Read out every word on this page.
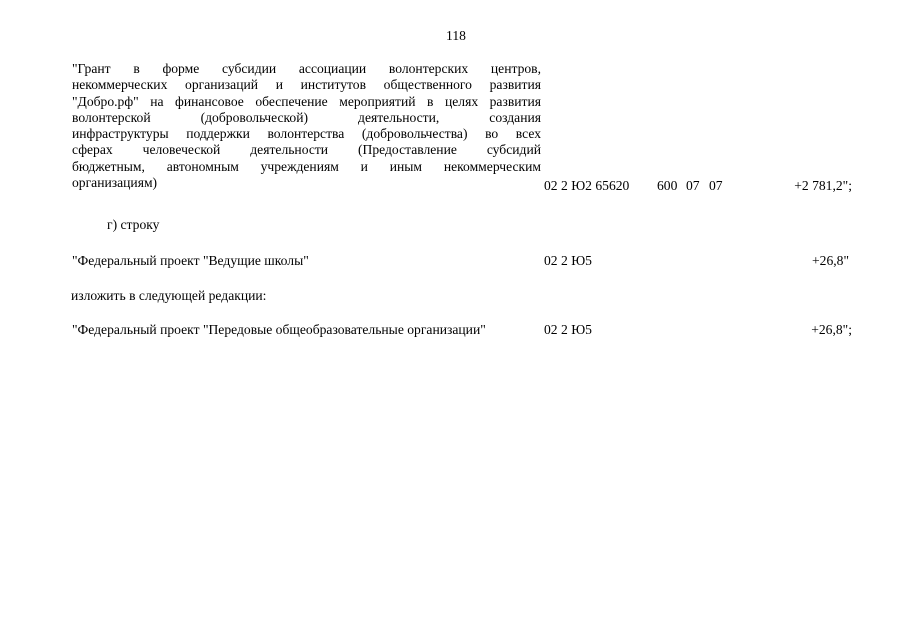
118
"Грант в форме субсидии ассоциации волонтерских центров,
некоммерческих организаций и институтов общественного развития
"Добро.рф" на финансовое обеспечение мероприятий в целях развития
волонтерской (добровольческой) деятельности, создания
инфраструктуры поддержки волонтерства (добровольчества) во всех
сферах человеческой деятельности (Предоставление субсидий
бюджетным, автономным учреждениям и иным некоммерческим
организациям)	02 2 Ю2 65620 600 07 07	+2 781,2";
г) строку
"Федеральный проект "Ведущие школы"	02 2 Ю5	+26,8"
изложить в следующей редакции:
"Федеральный проект "Передовые общеобразовательные организации"	02 2 Ю5	+26,8";
